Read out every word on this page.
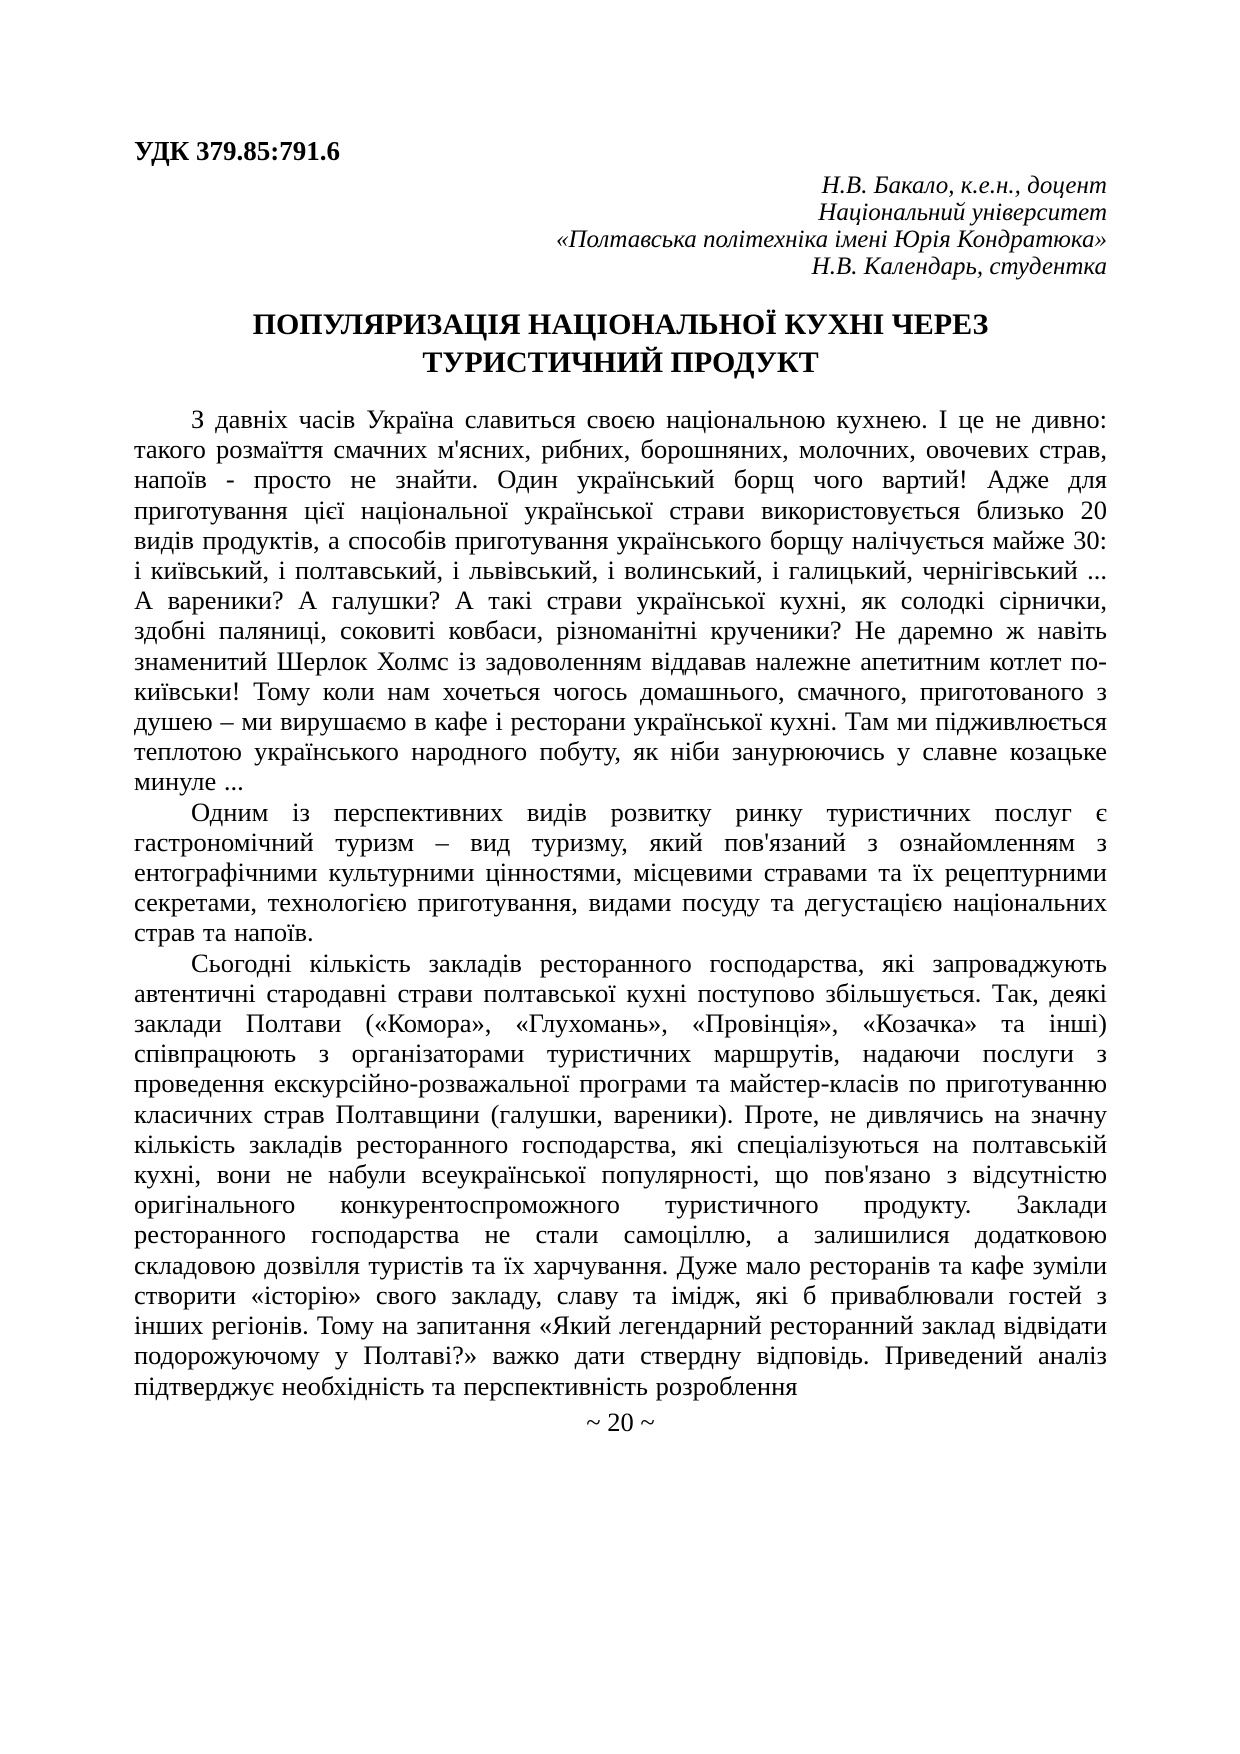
УДК 379.85:791.6
Н.В. Бакало, к.е.н., доцент
Національний університет
«Полтавська політехніка імені Юрія Кондратюка»
Н.В. Календарь, студентка
ПОПУЛЯРИЗАЦІЯ НАЦІОНАЛЬНОЇ КУХНІ ЧЕРЕЗ ТУРИСТИЧНИЙ ПРОДУКТ

З давніх часів Україна славиться своєю національною кухнею. І це не дивно: такого розмаїття смачних м'ясних, рибних, борошняних, молочних, овочевих страв, напоїв - просто не знайти. Один український борщ чого вартий! Адже для приготування цієї національної української страви використовується близько 20 видів продуктів, а способів приготування українського борщу налічується майже 30: і київський, і полтавський, і львівський, і волинський, і галицький, чернігівський ... А вареники? А галушки? А такі страви української кухні, як солодкі сірнички, здобні паляниці, соковиті ковбаси, різноманітні крученики? Не даремно ж навіть знаменитий Шерлок Холмс із задоволенням віддавав належне апетитним котлет по-київськи! Тому коли нам хочеться чогось домашнього, смачного, приготованого з душею – ми вирушаємо в кафе і ресторани української кухні. Там ми підживлюється теплотою українського народного побуту, як ніби занурюючись у славне козацьке минуле ...

Одним із перспективних видів розвитку ринку туристичних послуг є гастрономічний туризм – вид туризму, який пов'язаний з ознайомленням з ентографічними культурними цінностями, місцевими стравами та їх рецептурними секретами, технологією приготування, видами посуду та дегустацією національних страв та напоїв.

Сьогодні кількість закладів ресторанного господарства, які запроваджують автентичні стародавні страви полтавської кухні поступово збільшується. Так, деякі заклади Полтави («Комора», «Глухомань», «Провінція», «Козачка» та інші) співпрацюють з організаторами туристичних маршрутів, надаючи послуги з проведення екскурсійно-розважальної програми та майстер-класів по приготуванню класичних страв Полтавщини (галушки, вареники). Проте, не дивлячись на значну кількість закладів ресторанного господарства, які спеціалізуються на полтавській кухні, вони не набули всеукраїнської популярності, що пов'язано з відсутністю оригінального конкурентоспроможного туристичного продукту. Заклади ресторанного господарства не стали самоціллю, а залишилися додатковою складовою дозвілля туристів та їх харчування. Дуже мало ресторанів та кафе зуміли створити «історію» свого закладу, славу та імідж, які б приваблювали гостей з інших регіонів. Тому на запитання «Який легендарний ресторанний заклад відвідати подорожуючому у Полтаві?» важко дати ствердну відповідь. Приведений аналіз підтверджує необхідність та перспективність розроблення

~ 20 ~
